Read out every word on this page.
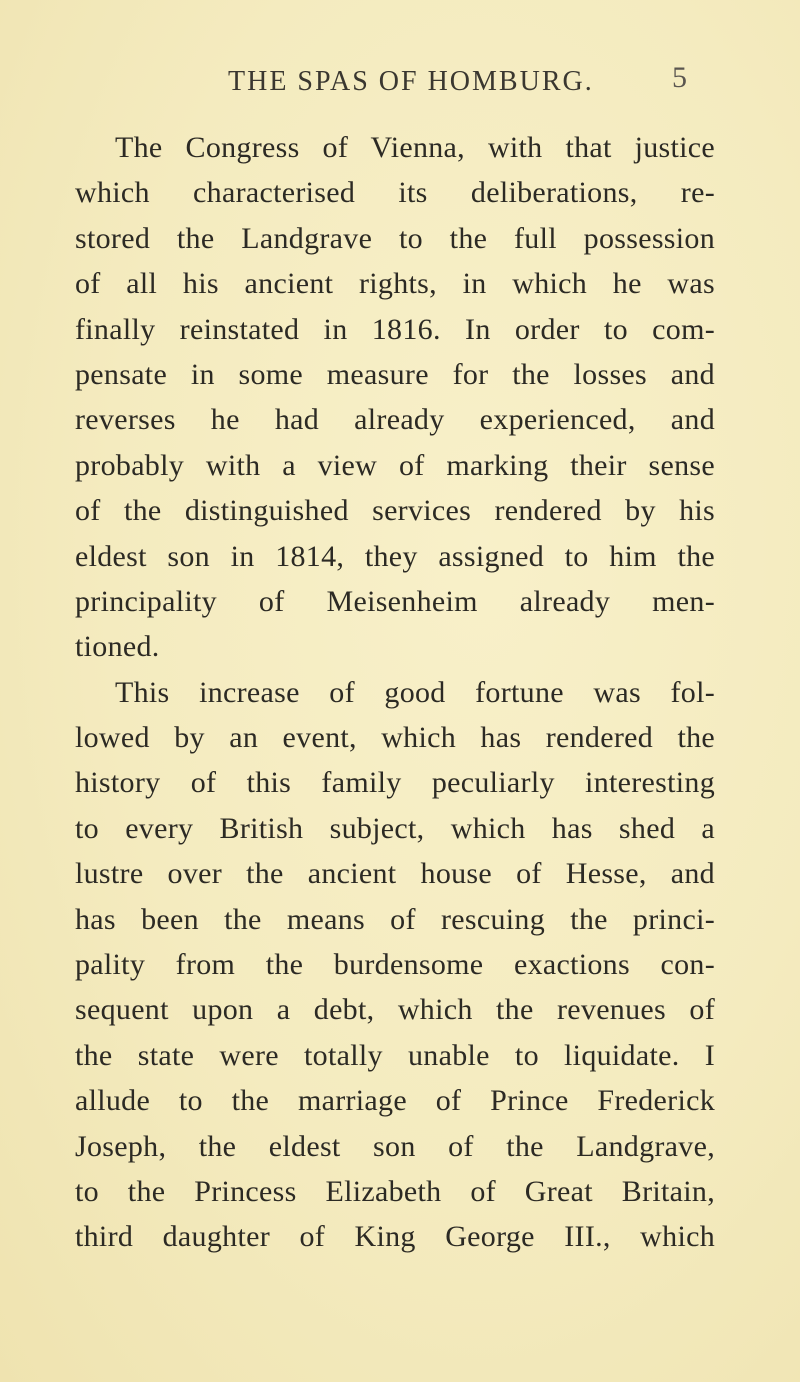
THE SPAS OF HOMBURG.	5
The Congress of Vienna, with that justice
which characterised its deliberations, re-
stored the Landgrave to the full possession
of all his ancient rights, in which he was
finally reinstated in 1816. In order to com-
pensate in some measure for the losses and
reverses he had already experienced, and
probably with a view of marking their sense
of the distinguished services rendered by his
eldest son in 1814, they assigned to him the
principality of Meisenheim already men-
tioned.
This increase of good fortune was fol-
lowed by an event, which has rendered the
history of this family peculiarly interesting
to every British subject, which has shed a
lustre over the ancient house of Hesse, and
has been the means of rescuing the princi-
pality from the burdensome exactions con-
sequent upon a debt, which the revenues of
the state were totally unable to liquidate. I
allude to the marriage of Prince Frederick
Joseph, the eldest son of the Landgrave,
to the Princess Elizabeth of Great Britain,
third daughter of King George III., which
